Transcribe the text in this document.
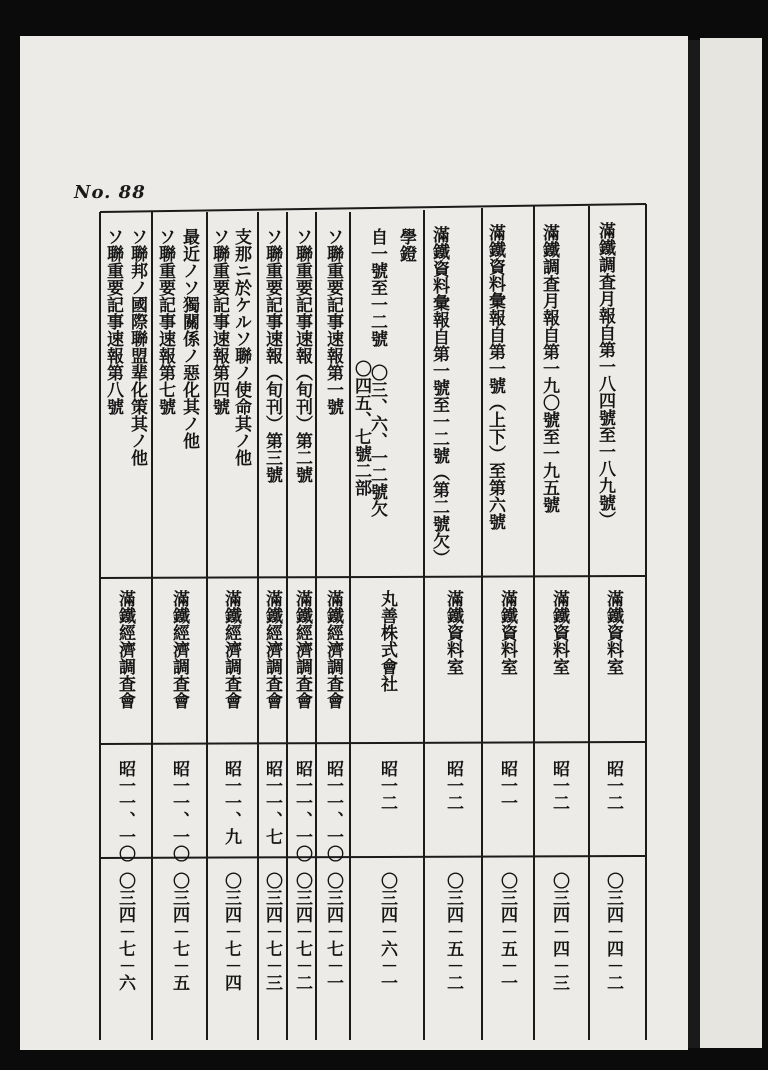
No. 88
滿鐵調査月報自第一八四號至一八九號）
滿鐵資料室
昭一二
〇三四－四－二
滿鐵調査月報自第一九〇號至一九五號
滿鐵資料室
昭一二
〇三四－四－三
滿鐵資料彙報自第一號（上下）至第六號
滿鐵資料室
昭一一
〇三四－五－一
滿鐵資料彙報自第一號至一二號（第二號欠）
滿鐵資料室
昭一二
〇三四－五－二
學鐙
自一號至一二號　〇三、六、一二號欠
〇四五、七號二部
丸善株式會社
昭一二
〇三四－六－一
ソ聯重要記事速報第一號
滿鐵經濟調査會
昭一一、一〇
〇三四－七－一
ソ聯重要記事速報（旬刊）第二號
滿鐵經濟調査會
昭一一、一〇
〇三四－七－二
ソ聯重要記事速報（旬刊）第三號
滿鐵經濟調査會
昭一一、七
〇三四－七－三
支那ニ於ケルソ聯ノ使命其ノ他
ソ聯重要記事速報第四號
滿鐵經濟調査會
昭一一、九
〇三四－七－四
最近ノソ獨關係ノ惡化其ノ他
ソ聯重要記事速報第七號
滿鐵經濟調査會
昭一一、一〇
〇三四－七－五
ソ聯邦ノ國際聯盟辈化策其ノ他
ソ聯重要記事速報第八號
滿鐵經濟調査會
昭一一、一〇
〇三四－七－六
